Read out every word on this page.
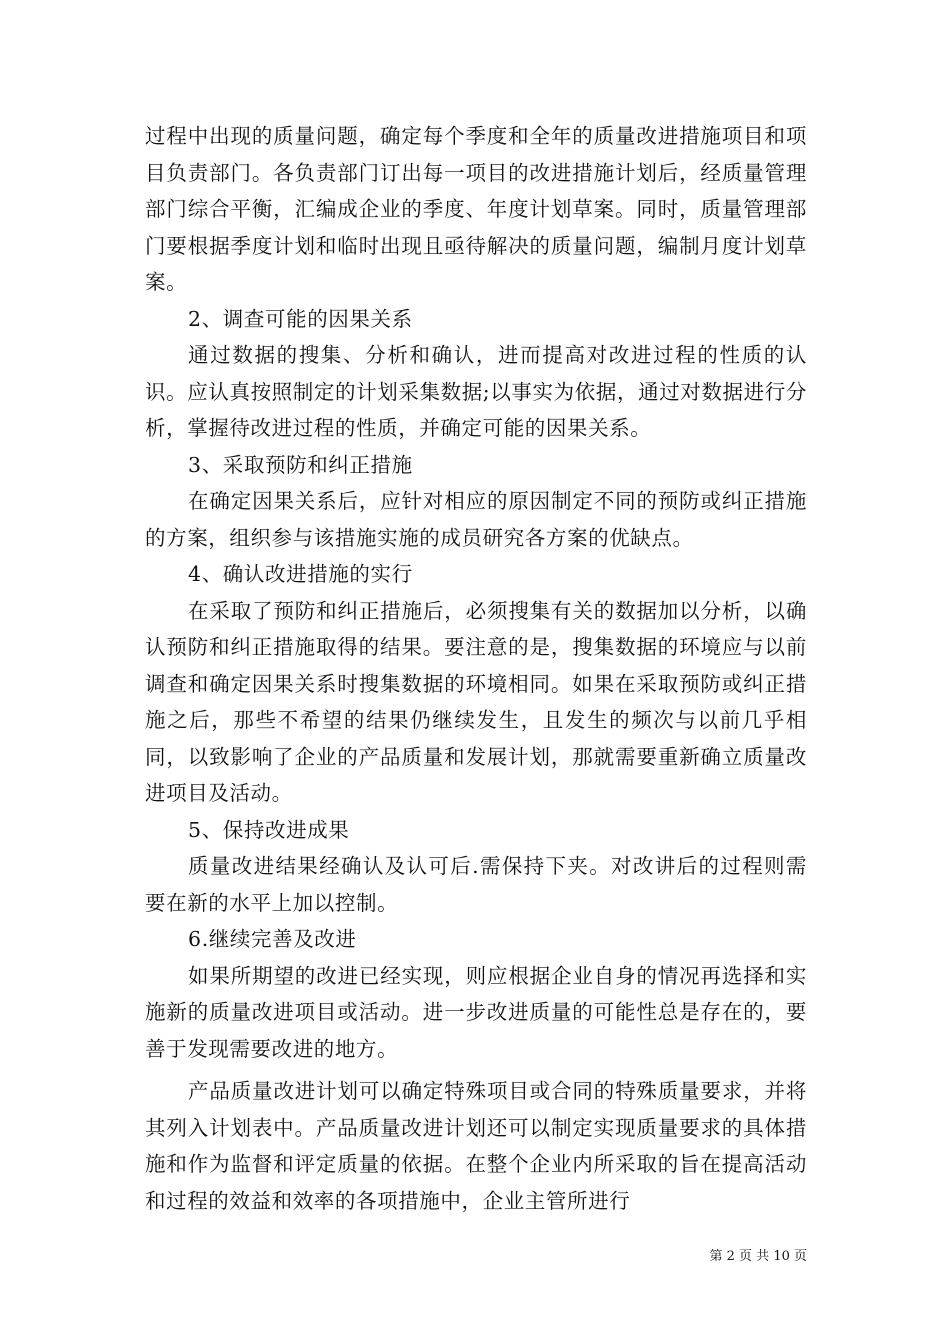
过程中出现的质量问题，确定每个季度和全年的质量改进措施项目和项目负责部门。各负责部门订出每一项目的改进措施计划后，经质量管理部门综合平衡，汇编成企业的季度、年度计划草案。同时，质量管理部门要根据季度计划和临时出现且亟待解决的质量问题，编制月度计划草案。

2、调查可能的因果关系

通过数据的搜集、分析和确认，进而提高对改进过程的性质的认识。应认真按照制定的计划采集数据;以事实为依据，通过对数据进行分析，掌握待改进过程的性质，并确定可能的因果关系。

3、采取预防和纠正措施

在确定因果关系后，应针对相应的原因制定不同的预防或纠正措施的方案，组织参与该措施实施的成员研究各方案的优缺点。

4、确认改进措施的实行

在采取了预防和纠正措施后，必须搜集有关的数据加以分析，以确认预防和纠正措施取得的结果。要注意的是，搜集数据的环境应与以前调查和确定因果关系时搜集数据的环境相同。如果在采取预防或纠正措施之后，那些不希望的结果仍继续发生，且发生的频次与以前几乎相同，以致影响了企业的产品质量和发展计划，那就需要重新确立质量改进项目及活动。

5、保持改进成果

质量改进结果经确认及认可后.需保持下夹。对改讲后的过程则需要在新的水平上加以控制。

6.继续完善及改进

如果所期望的改进已经实现，则应根据企业自身的情况再选择和实施新的质量改进项目或活动。进一步改进质量的可能性总是存在的，要善于发现需要改进的地方。

产品质量改进计划可以确定特殊项目或合同的特殊质量要求，并将其列入计划表中。产品质量改进计划还可以制定实现质量要求的具体措施和作为监督和评定质量的依据。在整个企业内所采取的旨在提高活动和过程的效益和效率的各项措施中，企业主管所进行

第 2 页 共 10 页
